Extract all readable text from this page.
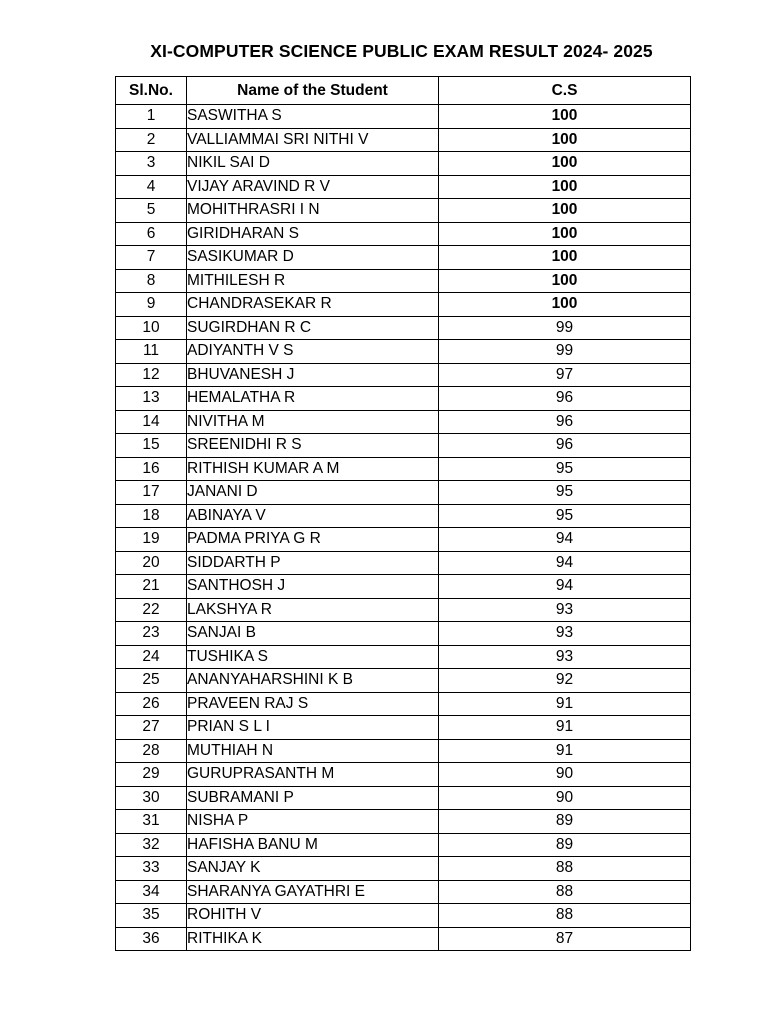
XI-COMPUTER SCIENCE PUBLIC EXAM RESULT 2024- 2025
Sl.No.	Name of the Student	C.S
1	SASWITHA S	100
2	VALLIAMMAI SRI NITHI V	100
3	NIKIL SAI D	100
4	VIJAY ARAVIND R V	100
5	MOHITHRASRI I N	100
6	GIRIDHARAN S	100
7	SASIKUMAR D	100
8	MITHILESH R	100
9	CHANDRASEKAR R	100
10	SUGIRDHAN R C	99
11	ADIYANTH V S	99
12	BHUVANESH J	97
13	HEMALATHA R	96
14	NIVITHA M	96
15	SREENIDHI R S	96
16	RITHISH KUMAR A M	95
17	JANANI D	95
18	ABINAYA V	95
19	PADMA PRIYA G R	94
20	SIDDARTH P	94
21	SANTHOSH J	94
22	LAKSHYA R	93
23	SANJAI B	93
24	TUSHIKA S	93
25	ANANYAHARSHINI K B	92
26	PRAVEEN RAJ S	91
27	PRIAN S L I	91
28	MUTHIAH N	91
29	GURUPRASANTH M	90
30	SUBRAMANI P	90
31	NISHA P	89
32	HAFISHA BANU M	89
33	SANJAY K	88
34	SHARANYA GAYATHRI E	88
35	ROHITH V	88
36	RITHIKA K	87
